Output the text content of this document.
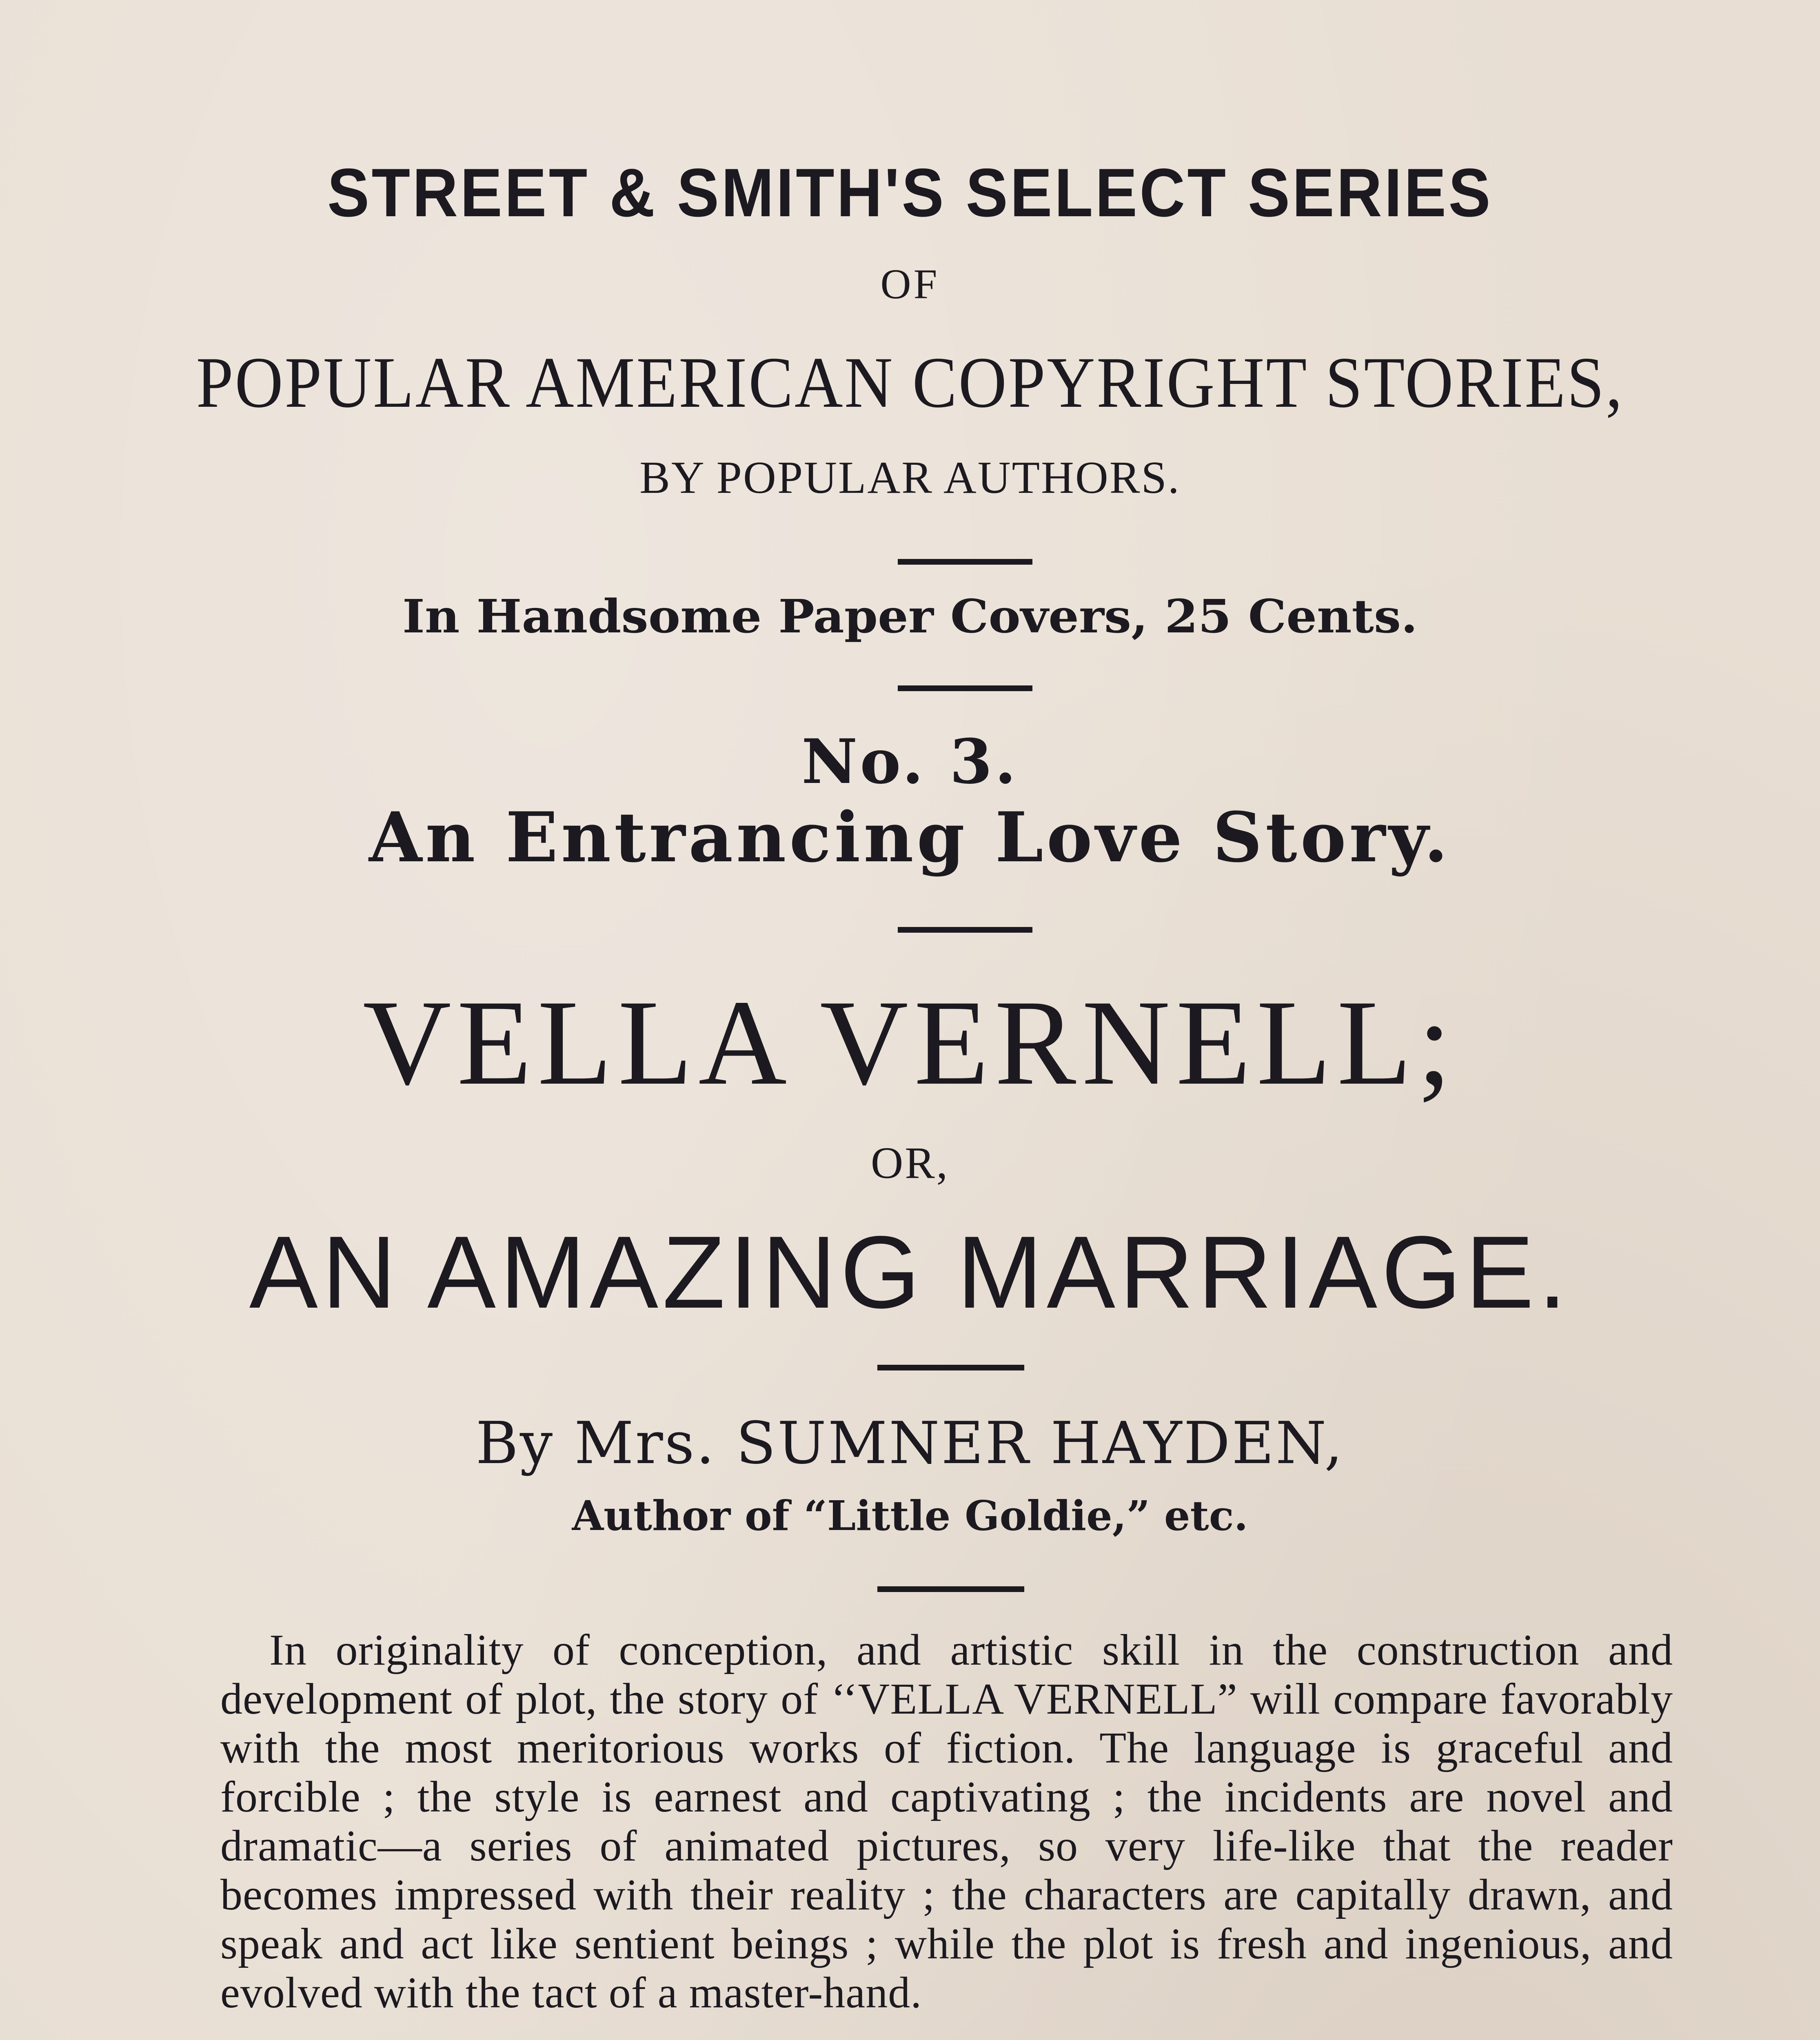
STREET & SMITH'S SELECT SERIES

OF

POPULAR AMERICAN COPYRIGHT STORIES,

BY POPULAR AUTHORS.

In Handsome Paper Covers, 25 Cents.

No. 3.

An Entrancing Love Story.

VELLA VERNELL;

OR,

AN AMAZING MARRIAGE.

By Mrs. SUMNER HAYDEN,

Author of “Little Goldie,” etc.

In originality of conception, and artistic skill in the construction and development of plot, the story of ‘‘VELLA VERNELL” will compare favorably with the most meritorious works of fiction. The language is graceful and forcible ; the style is earnest and captivating ; the incidents are novel and dramatic—a series of animated pictures, so very life-like that the reader becomes impressed with their reality ; the characters are capitally drawn, and speak and act like sentient beings ; while the plot is fresh and ingenious, and evolved with the tact of a master-hand.
